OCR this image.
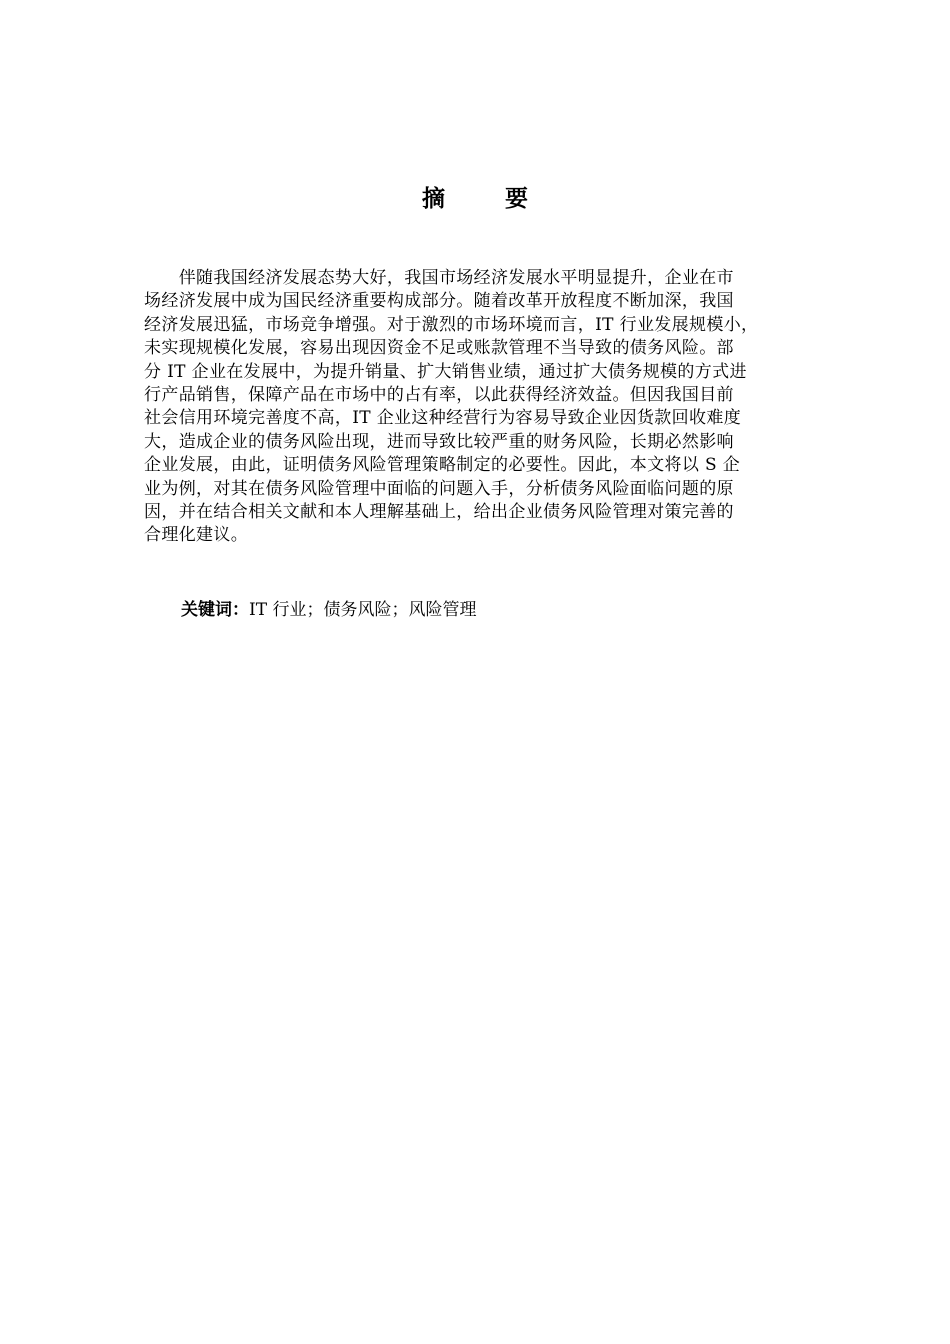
摘 要
　　伴随我国经济发展态势大好，我国市场经济发展水平明显提升，企业在市
场经济发展中成为国民经济重要构成部分。随着改革开放程度不断加深，我国
经济发展迅猛，市场竞争增强。对于激烈的市场环境而言，IT 行业发展规模小，
未实现规模化发展，容易出现因资金不足或账款管理不当导致的债务风险。部
分 IT 企业在发展中，为提升销量、扩大销售业绩，通过扩大债务规模的方式进
行产品销售，保障产品在市场中的占有率，以此获得经济效益。但因我国目前
社会信用环境完善度不高，IT 企业这种经营行为容易导致企业因货款回收难度
大，造成企业的债务风险出现，进而导致比较严重的财务风险，长期必然影响
企业发展，由此，证明债务风险管理策略制定的必要性。因此，本文将以 S 企
业为例，对其在债务风险管理中面临的问题入手，分析债务风险面临问题的原
因，并在结合相关文献和本人理解基础上，给出企业债务风险管理对策完善的
合理化建议。
关键词：IT 行业；债务风险；风险管理
